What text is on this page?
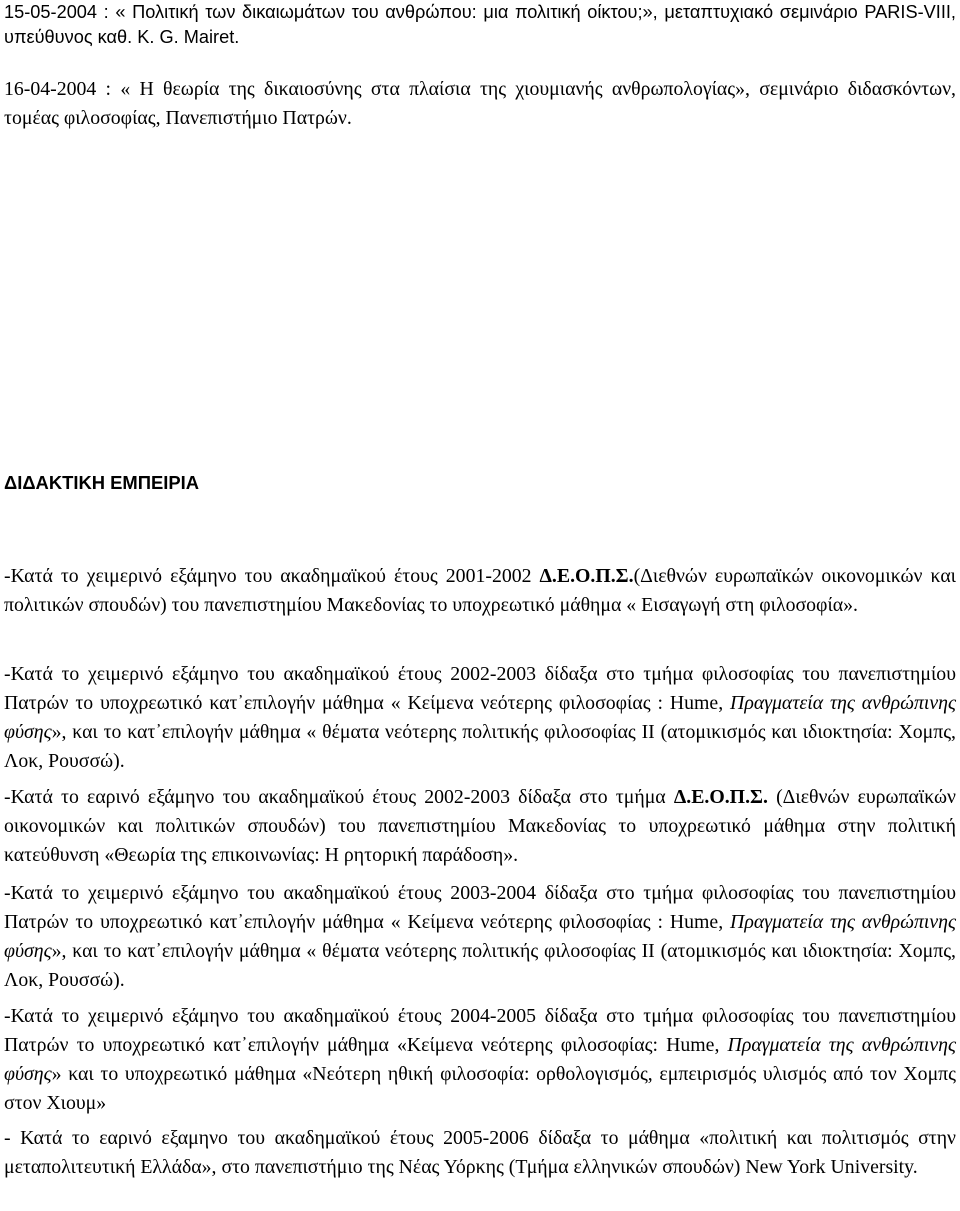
15-05-2004 : « Πολιτική των δικαιωμάτων του ανθρώπου: μια πολιτική οίκτου;», μεταπτυχιακό σεμινάριο PARIS-VIII, υπεύθυνος καθ. K. G. Mairet.

16-04-2004 : « Η θεωρία της δικαιοσύνης στα πλαίσια της χιουμιανής ανθρωπολογίας», σεμινάριο διδασκόντων, τομέας φιλοσοφίας, Πανεπιστήμιο Πατρών.

ΔΙΔΑΚΤΙΚΗ ΕΜΠΕΙΡΙΑ

-Κατά το χειμερινό εξάμηνο του ακαδημαϊκού έτους 2001-2002 Δ.Ε.Ο.Π.Σ.(Διεθνών ευρωπαϊκών οικονομικών και πολιτικών σπουδών) του πανεπιστημίου Μακεδονίας το υποχρεωτικό μάθημα « Εισαγωγή στη φιλοσοφία».

-Κατά το χειμερινό εξάμηνο του ακαδημαϊκού έτους 2002-2003 δίδαξα στο τμήμα φιλοσοφίας του πανεπιστημίου Πατρών το υποχρεωτικό κατ᾽επιλογήν μάθημα « Κείμενα νεότερης φιλοσοφίας : Hume, Πραγματεία της ανθρώπινης φύσης», και το κατ᾽επιλογήν μάθημα « θέματα νεότερης πολιτικής φιλοσοφίας ΙΙ (ατομικισμός και ιδιοκτησία: Χομπς, Λοκ, Ρουσσώ).

-Κατά το εαρινό εξάμηνο του ακαδημαϊκού έτους 2002-2003 δίδαξα στο τμήμα Δ.Ε.Ο.Π.Σ. (Διεθνών ευρωπαϊκών οικονομικών και πολιτικών σπουδών) του πανεπιστημίου Μακεδονίας το υποχρεωτικό μάθημα στην πολιτική κατεύθυνση «Θεωρία της επικοινωνίας: Η ρητορική παράδοση».

-Κατά το χειμερινό εξάμηνο του ακαδημαϊκού έτους 2003-2004 δίδαξα στο τμήμα φιλοσοφίας του πανεπιστημίου Πατρών το υποχρεωτικό κατ᾽επιλογήν μάθημα « Κείμενα νεότερης φιλοσοφίας : Hume, Πραγματεία της ανθρώπινης φύσης», και το κατ᾽επιλογήν μάθημα « θέματα νεότερης πολιτικής φιλοσοφίας ΙΙ (ατομικισμός και ιδιοκτησία: Χομπς, Λοκ, Ρουσσώ).

-Κατά το χειμερινό εξάμηνο του ακαδημαϊκού έτους 2004-2005 δίδαξα στο τμήμα φιλοσοφίας του πανεπιστημίου Πατρών το υποχρεωτικό κατ᾽επιλογήν μάθημα «Κείμενα νεότερης φιλοσοφίας: Hume, Πραγματεία της ανθρώπινης φύσης» και το υποχρεωτικό μάθημα «Νεότερη ηθική φιλοσοφία: ορθολογισμός, εμπειρισμός υλισμός από τον Χομπς στον Χιουμ»

- Κατά το εαρινό εξαμηνο του ακαδημαϊκού έτους 2005-2006 δίδαξα το μάθημα «πολιτική και πολιτισμός στην μεταπολιτευτική Ελλάδα», στο πανεπιστήμιο της Νέας Υόρκης (Τμήμα ελληνικών σπουδών) New York University.
